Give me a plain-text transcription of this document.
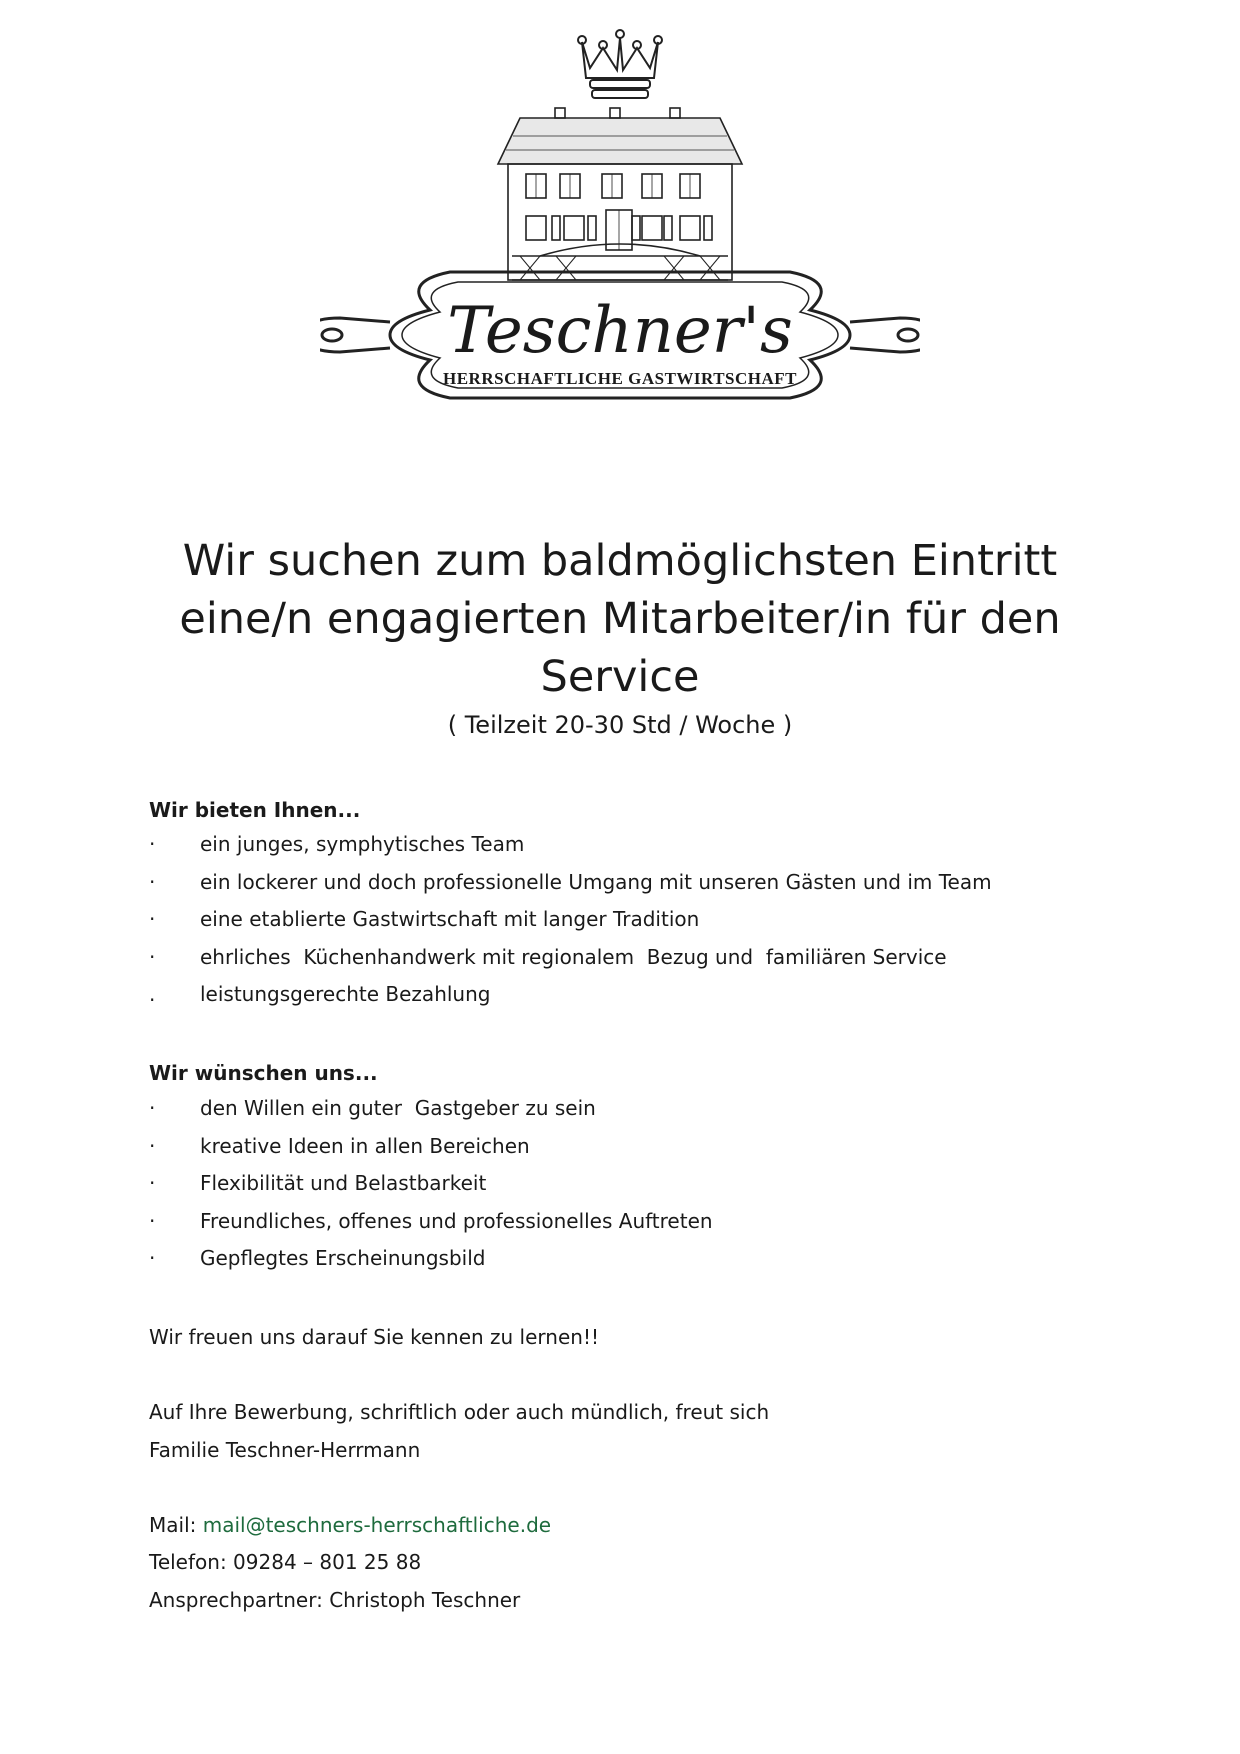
Teschner's
HERRSCHAFTLICHE GASTWIRTSCHAFT
Wir suchen zum baldmöglichsten Eintritt
eine/n engagierten Mitarbeiter/in für den
Service
( Teilzeit 20-30 Std / Woche )
Wir bieten Ihnen...
·	ein junges, symphytisches Team
·	ein lockerer und doch professionelle Umgang mit unseren Gästen und im Team
·	eine etablierte Gastwirtschaft mit langer Tradition
·	ehrliches  Küchenhandwerk mit regionalem  Bezug und  familiären Service
.	leistungsgerechte Bezahlung
Wir wünschen uns...
·	den Willen ein guter  Gastgeber zu sein
·	kreative Ideen in allen Bereichen
·	Flexibilität und Belastbarkeit
·	Freundliches, offenes und professionelles Auftreten
·	Gepflegtes Erscheinungsbild
Wir freuen uns darauf Sie kennen zu lernen!!
Auf Ihre Bewerbung, schriftlich oder auch mündlich, freut sich
Familie Teschner-Herrmann
Mail: mail@teschners-herrschaftliche.de
Telefon: 09284 – 801 25 88
Ansprechpartner: Christoph Teschner
